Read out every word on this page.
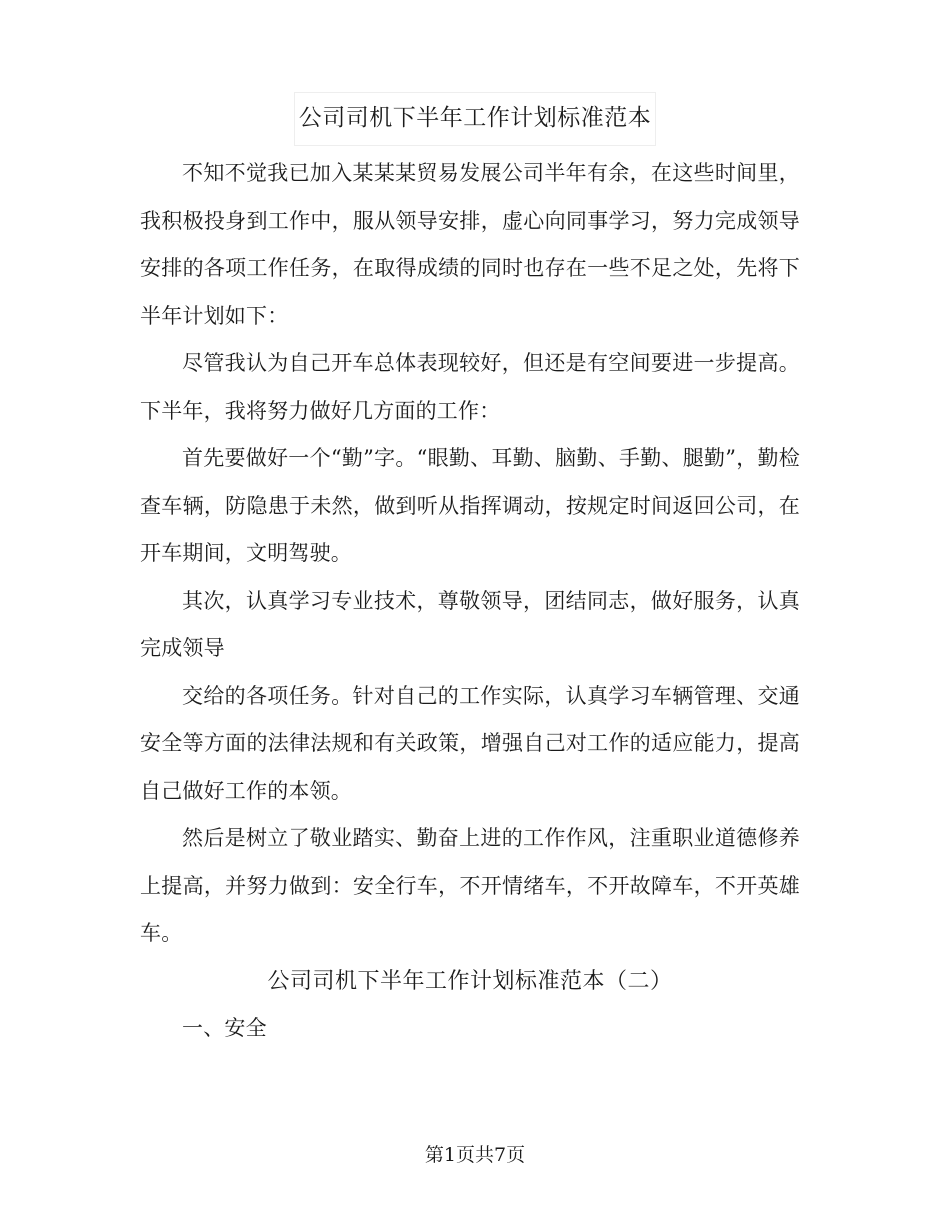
公司司机下半年工作计划标准范本

不知不觉我已加入某某某贸易发展公司半年有余，在这些时间里，我积极投身到工作中，服从领导安排，虚心向同事学习，努力完成领导安排的各项工作任务，在取得成绩的同时也存在一些不足之处，先将下半年计划如下：

尽管我认为自己开车总体表现较好，但还是有空间要进一步提高。下半年，我将努力做好几方面的工作：

首先要做好一个“勤”字。“眼勤、耳勤、脑勤、手勤、腿勤”，勤检查车辆，防隐患于未然，做到听从指挥调动，按规定时间返回公司，在开车期间，文明驾驶。

其次，认真学习专业技术，尊敬领导，团结同志，做好服务，认真完成领导

交给的各项任务。针对自己的工作实际，认真学习车辆管理、交通安全等方面的法律法规和有关政策，增强自己对工作的适应能力，提高自己做好工作的本领。

然后是树立了敬业踏实、勤奋上进的工作作风，注重职业道德修养上提高，并努力做到：安全行车，不开情绪车，不开故障车，不开英雄车。

公司司机下半年工作计划标准范本（二）

一、安全

第1页共7页
